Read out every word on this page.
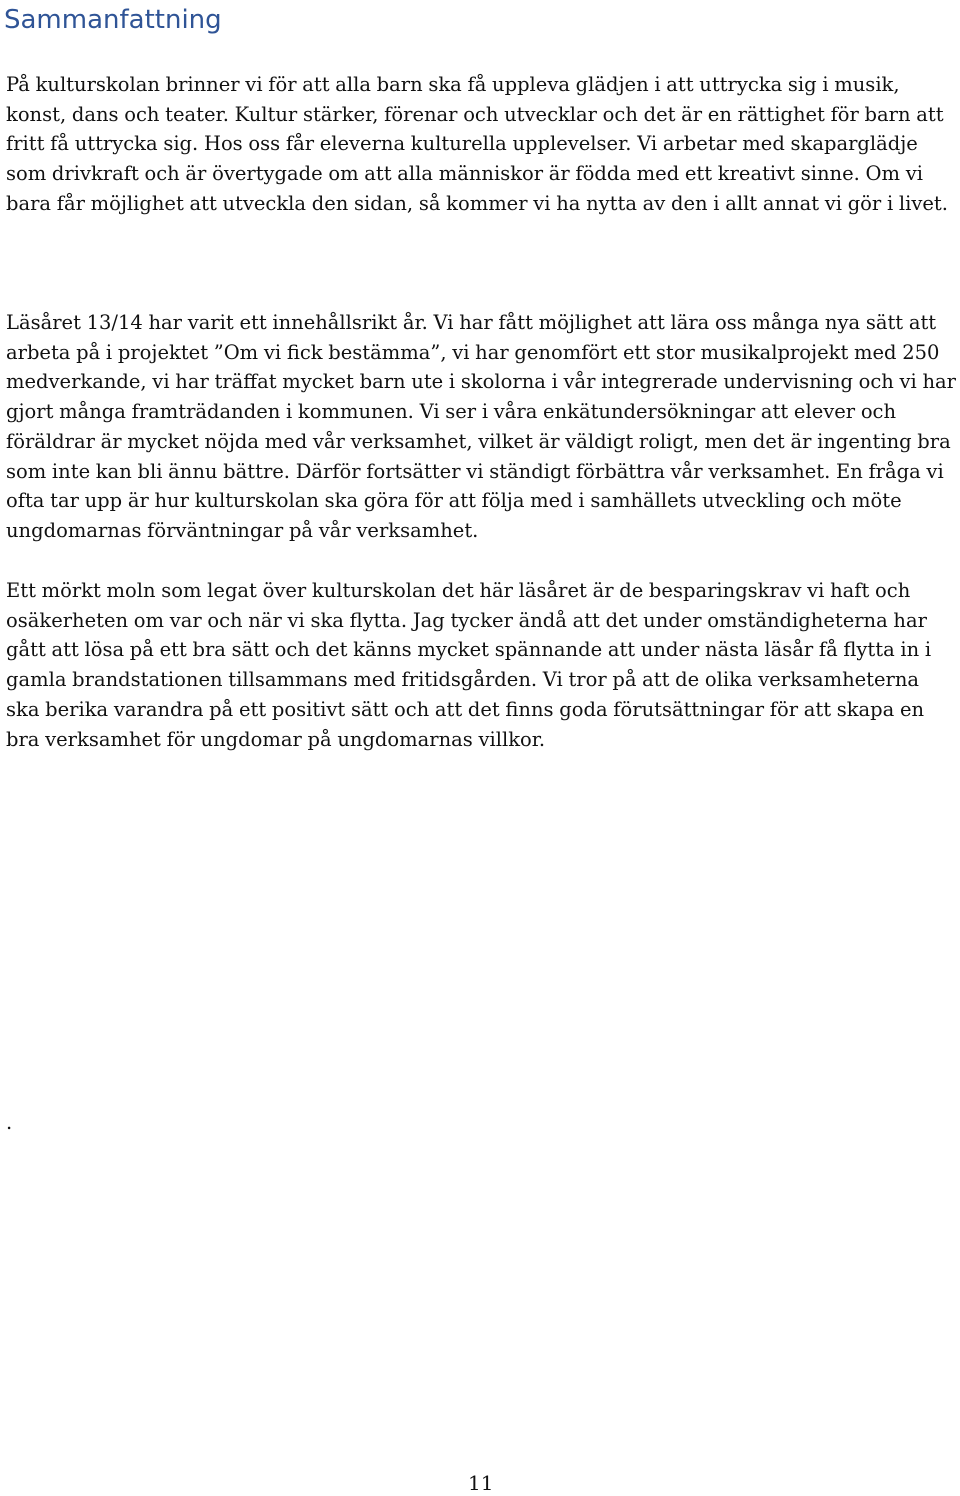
Sammanfattning

På kulturskolan brinner vi för att alla barn ska få uppleva glädjen i att uttrycka sig i musik, konst, dans och teater. Kultur stärker, förenar och utvecklar och det är en rättighet för barn att fritt få uttrycka sig. Hos oss får eleverna kulturella upplevelser. Vi arbetar med skaparglädje som drivkraft och är övertygade om att alla människor är födda med ett kreativt sinne. Om vi bara får möjlighet att utveckla den sidan, så kommer vi ha nytta av den i allt annat vi gör i livet.

Läsåret 13/14 har varit ett innehållsrikt år. Vi har fått möjlighet att lära oss många nya sätt att arbeta på i projektet ”Om vi fick bestämma”, vi har genomfört ett stor musikalprojekt med 250 medverkande, vi har träffat mycket barn ute i skolorna i vår integrerade undervisning och vi har gjort många framträdanden i kommunen. Vi ser i våra enkätundersökningar att elever och föräldrar är mycket nöjda med vår verksamhet, vilket är väldigt roligt, men det är ingenting bra som inte kan bli ännu bättre. Därför fortsätter vi ständigt förbättra vår verksamhet. En fråga vi ofta tar upp är hur kulturskolan ska göra för att följa med i samhällets utveckling och möte ungdomarnas förväntningar på vår verksamhet.

Ett mörkt moln som legat över kulturskolan det här läsåret är de besparingskrav vi haft och osäkerheten om var och när vi ska flytta. Jag tycker ändå att det under omständigheterna har gått att lösa på ett bra sätt och det känns mycket spännande att under nästa läsår få flytta in i gamla brandstationen tillsammans med fritidsgården. Vi tror på att de olika verksamheterna ska berika varandra på ett positivt sätt och att det finns goda förutsättningar för att skapa en bra verksamhet för ungdomar på ungdomarnas villkor.

.

11
